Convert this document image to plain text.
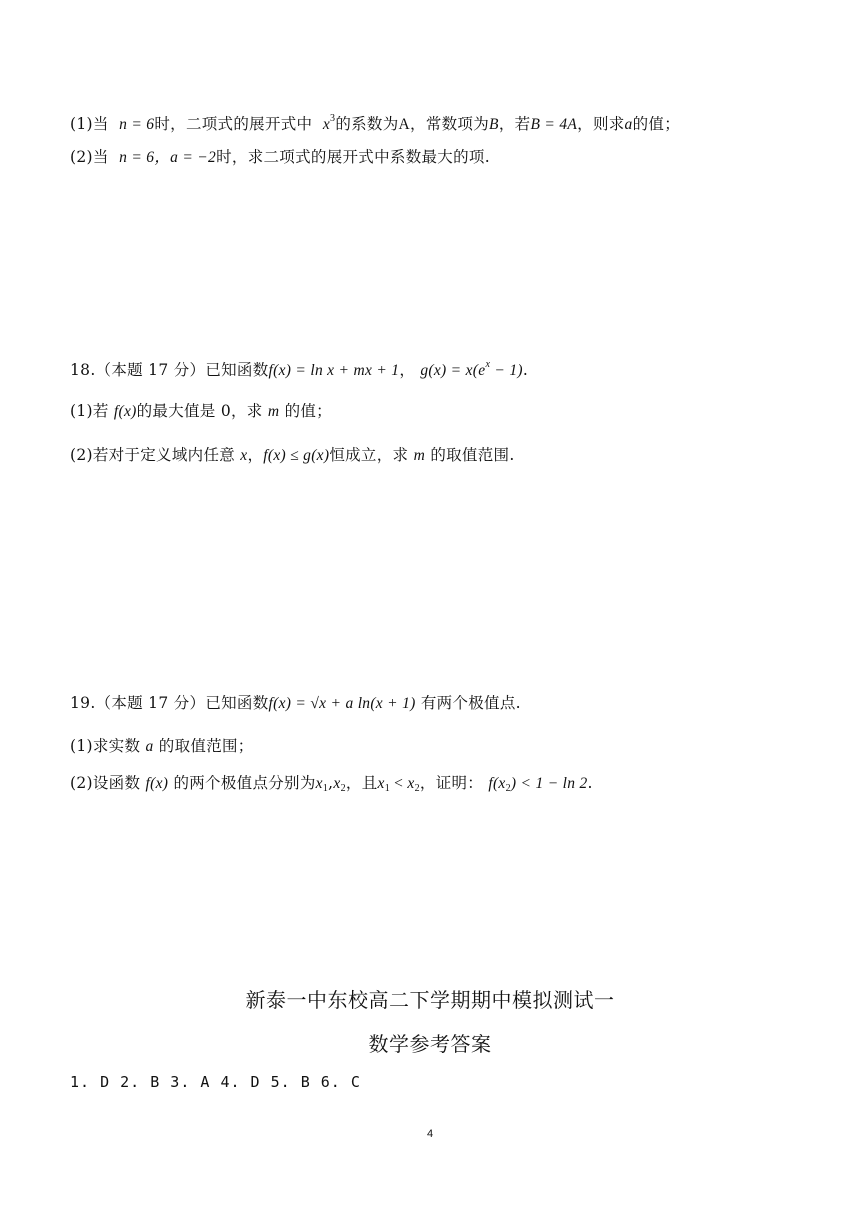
(1)当 n = 6时，二项式的展开式中 $x^3$的系数为A，常数项为B，若B = 4A，则求a的值；
(2)当 n = 6，a = −2时，求二项式的展开式中系数最大的项.
18.（本题 17 分）已知函数f(x) = ln x + mx + 1， $g(x) = x(e^x - 1)$.
(1)若 f(x)的最大值是 0，求 m 的值；
(2)若对于定义域内任意 x，f(x) ≤ g(x)恒成立，求 m 的取值范围.
19.（本题 17 分）已知函数f(x) = √x + a ln(x + 1) 有两个极值点.
(1)求实数 a 的取值范围；
(2)设函数 f(x) 的两个极值点分别为$x_1,x_2$，且$x_1 < x_2$，证明： $f(x_2) < 1 - \ln 2$.
新泰一中东校高二下学期期中模拟测试一
数学参考答案
1. D 2. B 3. A 4. D 5. B 6. C
4
